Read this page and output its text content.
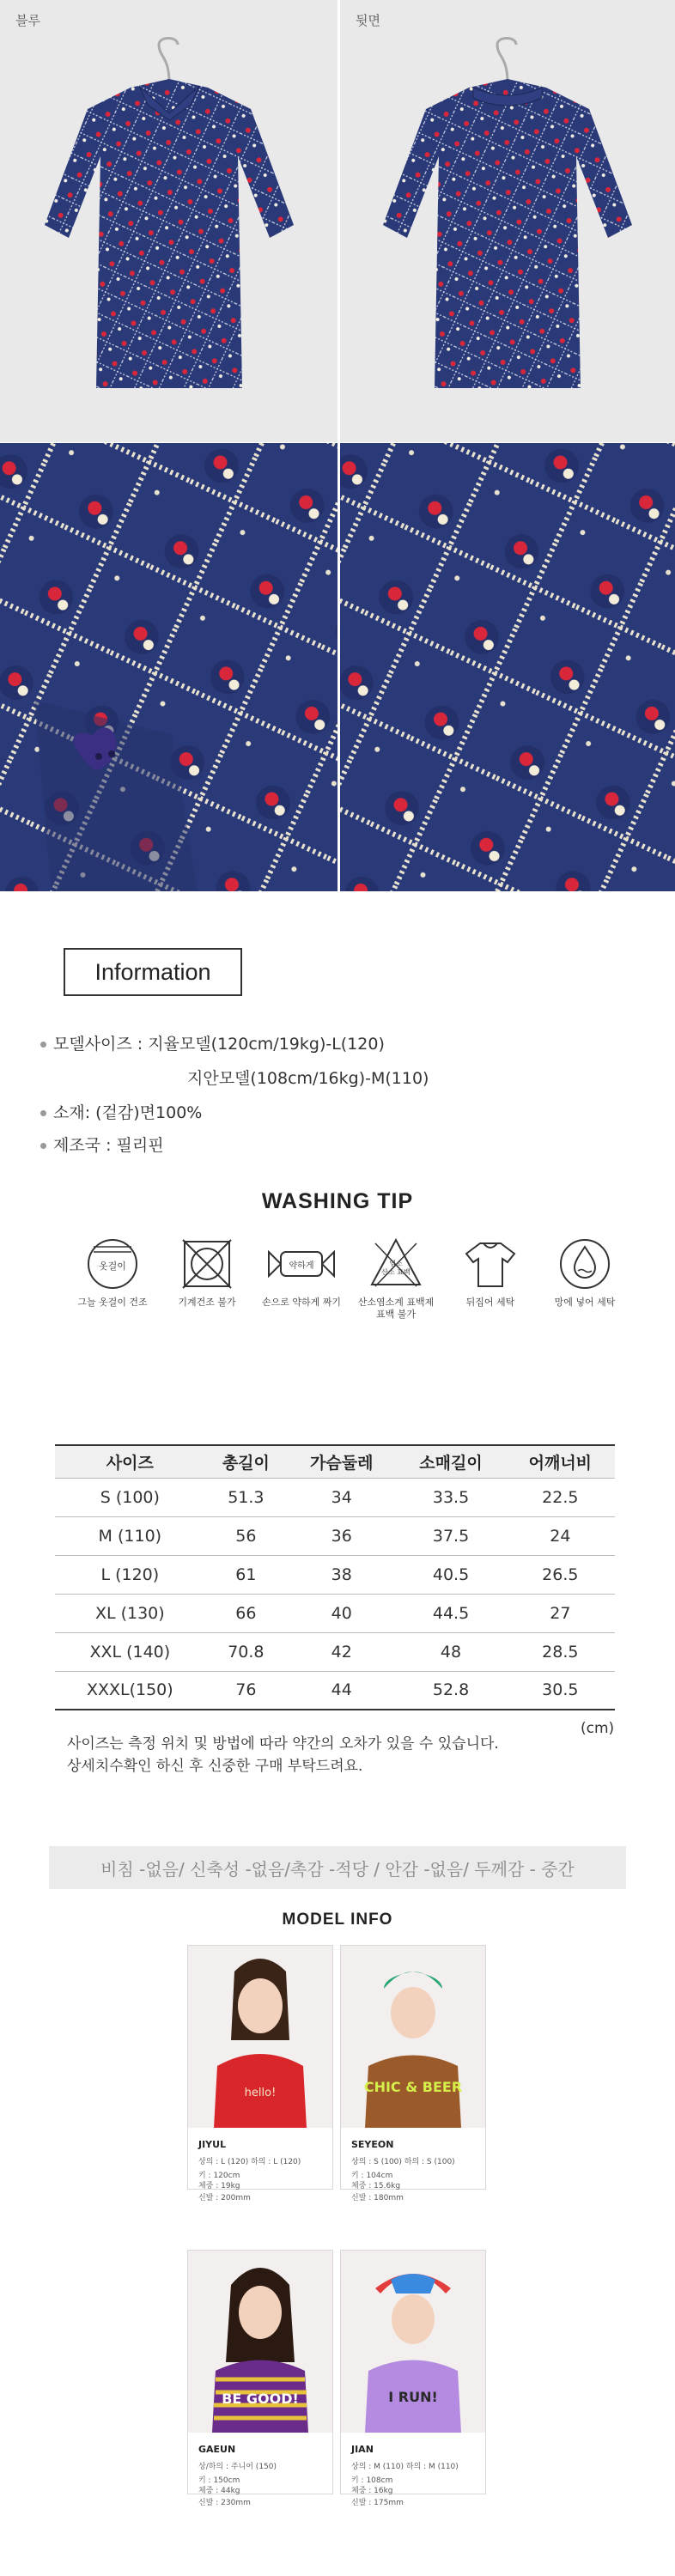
블루	뒷면
Information
모델사이즈 : 지율모델(120cm/19kg)-L(120)
지안모델(108cm/16kg)-M(110)
소재: (겉감)면100%
제조국 : 필리핀
WASHING TIP
옷걸이
그늘 옷걸이 건조	기계건조 불가
약하게
손으로 약하게 짜기
염소
산소 표백
산소염소계 표백제
표백 불가
뒤집어 세탁	망에 넣어 세탁
사이즈	총길이	가슴둘레	소매길이	어깨너비
S (100)	51.3	34	33.5	22.5
M (110)	56	36	37.5	24
L (120)	61	38	40.5	26.5
XL (130)	66	40	44.5	27
XXL (140)	70.8	42	48	28.5
XXXL(150)	76	44	52.8	30.5
(cm)
사이즈는 측정 위치 및 방법에 따라 약간의 오차가 있을 수 있습니다.
상세치수확인 하신 후 신중한 구매 부탁드려요.
비침 -없음/ 신축성 -없음/촉감 -적당 / 안감 -없음/ 두께감 - 중간
MODEL INFO
hello!
JIYUL
상의 : L (120) 하의 : L (120)
키 : 120cm
체중 : 19kg
CHIC & BEER
SEYEON
상의 : S (100) 하의 : S (100)
키 : 104cm
체중 : 15.6kg
BE GOOD!
GAEUN
상/하의 : 주니어 (150)
키 : 150cm
체중 : 44kg
I RUN!
JIAN
상의 : M (110) 하의 : M (110)
키 : 108cm
체중 : 16kg
신발 : 200mm	신발 : 180mm
신발 : 230mm	신발 : 175mm
